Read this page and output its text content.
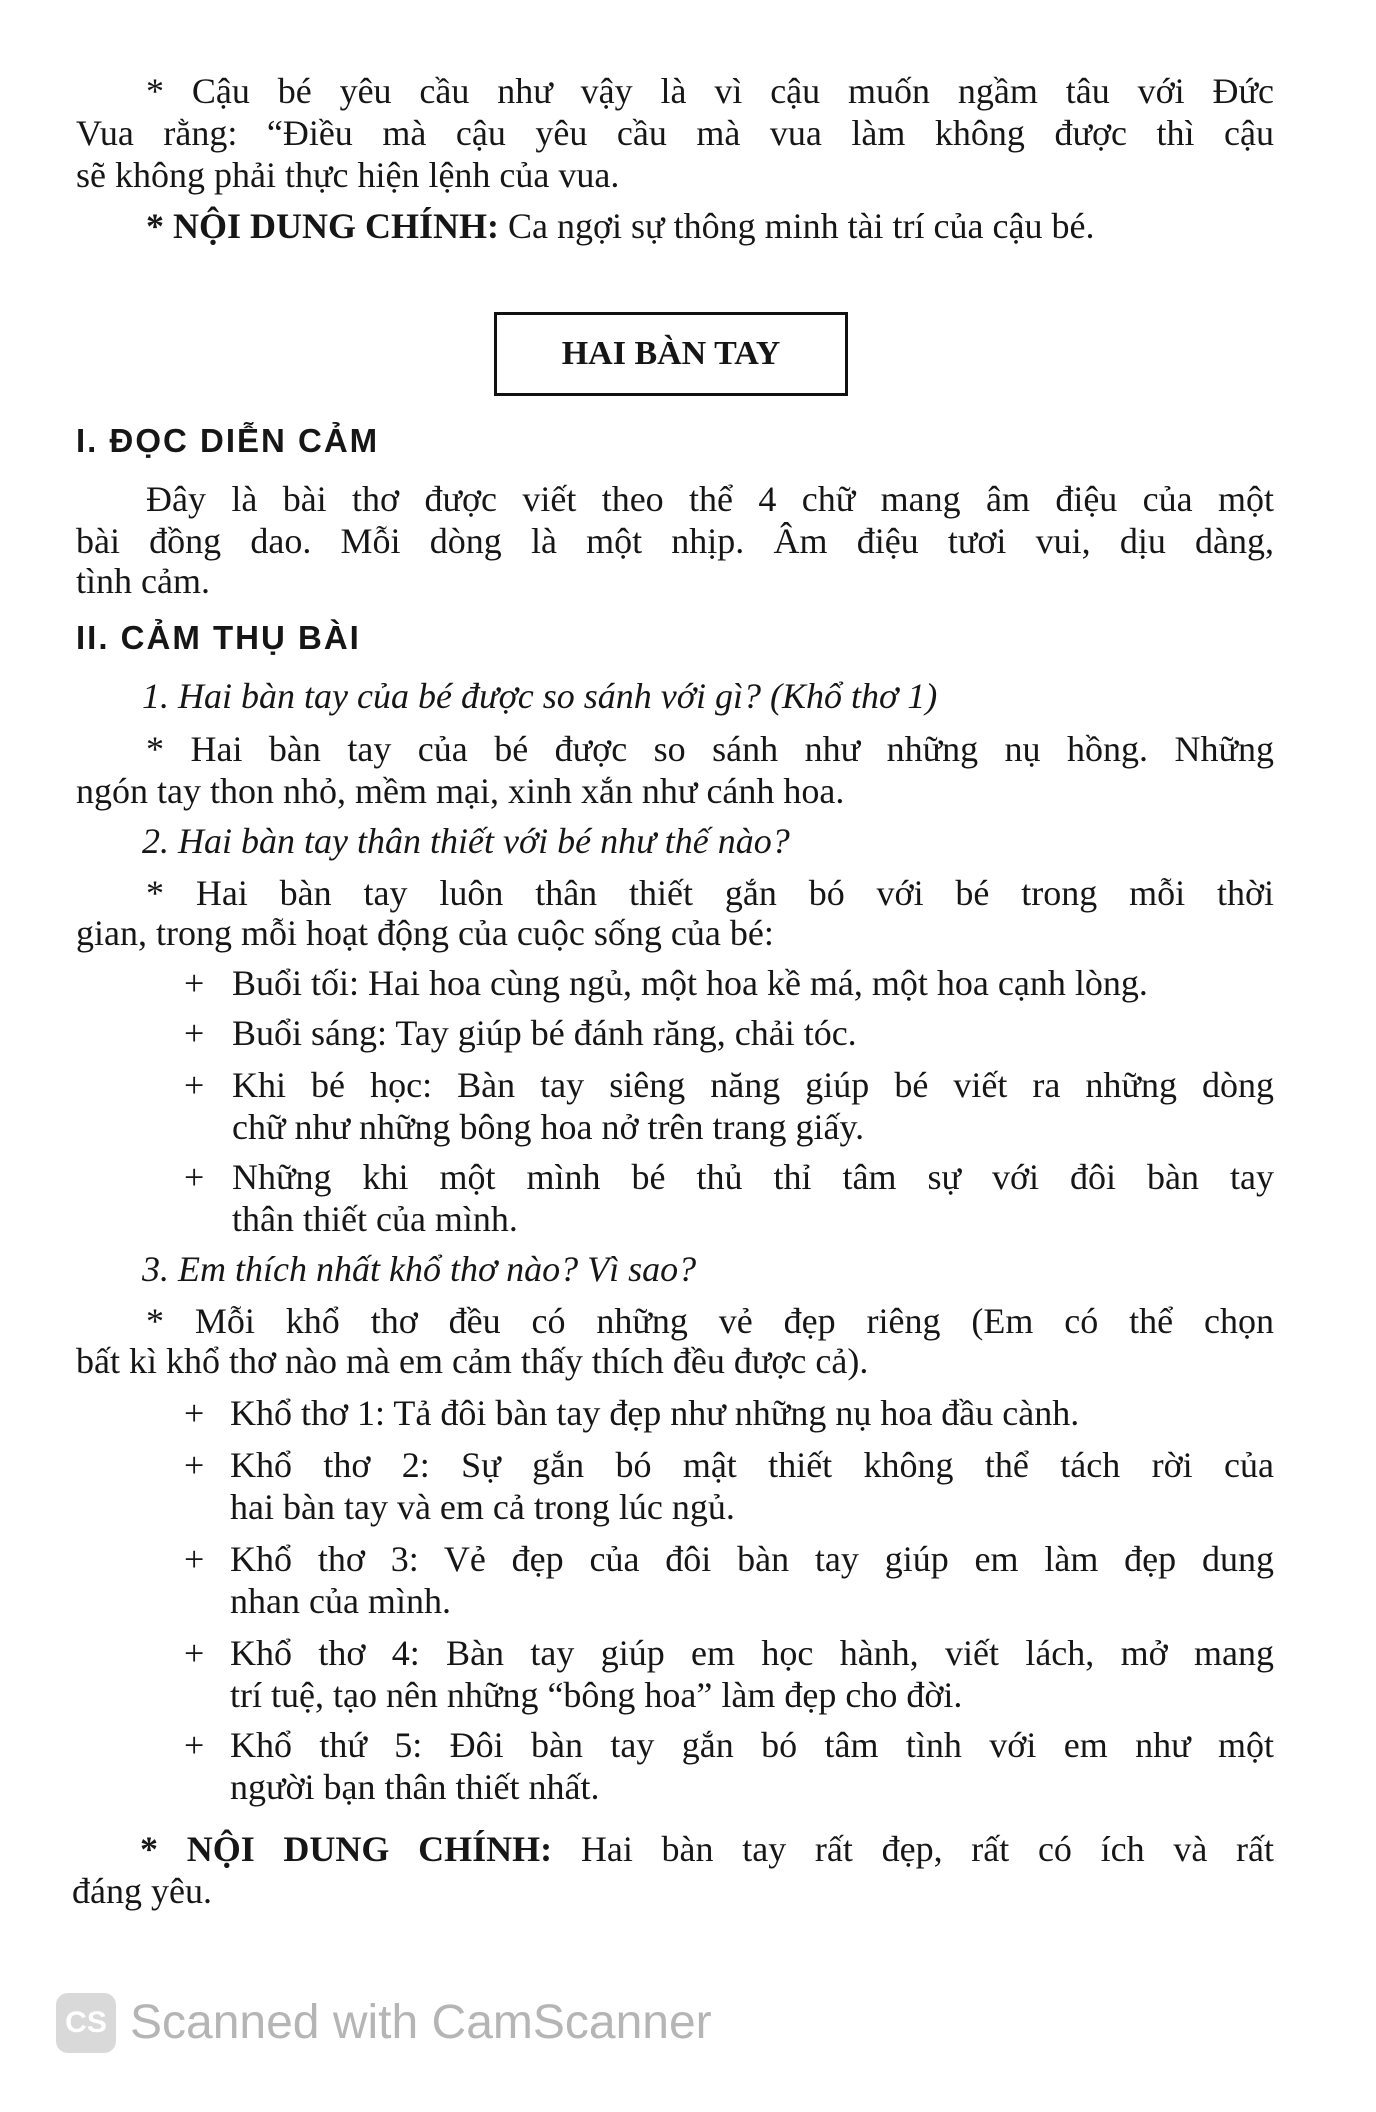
* Cậu bé yêu cầu như vậy là vì cậu muốn ngầm tâu với Đức

Vua rằng: “Điều mà cậu yêu cầu mà vua làm không được thì cậu

sẽ không phải thực hiện lệnh của vua.

* NỘI DUNG CHÍNH: Ca ngợi sự thông minh tài trí của cậu bé.

HAI BÀN TAY

I. ĐỌC DIỄN CẢM

Đây là bài thơ được viết theo thể 4 chữ mang âm điệu của một

bài đồng dao. Mỗi dòng là một nhịp. Âm điệu tươi vui, dịu dàng,

tình cảm.

II. CẢM THỤ BÀI

1. Hai bàn tay của bé được so sánh với gì? (Khổ thơ 1)

* Hai bàn tay của bé được so sánh như những nụ hồng. Những

ngón tay thon nhỏ, mềm mại, xinh xắn như cánh hoa.

2. Hai bàn tay thân thiết với bé như thế nào?

* Hai bàn tay luôn thân thiết gắn bó với bé trong mỗi thời

gian, trong mỗi hoạt động của cuộc sống của bé:

+ Buổi tối: Hai hoa cùng ngủ, một hoa kề má, một hoa cạnh lòng.

+ Buổi sáng: Tay giúp bé đánh răng, chải tóc.

+ Khi bé học: Bàn tay siêng năng giúp bé viết ra những dòng

chữ như những bông hoa nở trên trang giấy.

+ Những khi một mình bé thủ thỉ tâm sự với đôi bàn tay

thân thiết của mình.

3. Em thích nhất khổ thơ nào? Vì sao?

* Mỗi khổ thơ đều có những vẻ đẹp riêng (Em có thể chọn

bất kì khổ thơ nào mà em cảm thấy thích đều được cả).

+ Khổ thơ 1: Tả đôi bàn tay đẹp như những nụ hoa đầu cành.

+ Khổ thơ 2: Sự gắn bó mật thiết không thể tách rời của

hai bàn tay và em cả trong lúc ngủ.

+ Khổ thơ 3: Vẻ đẹp của đôi bàn tay giúp em làm đẹp dung

nhan của mình.

+ Khổ thơ 4: Bàn tay giúp em học hành, viết lách, mở mang

trí tuệ, tạo nên những “bông hoa” làm đẹp cho đời.

+ Khổ thứ 5: Đôi bàn tay gắn bó tâm tình với em như một

người bạn thân thiết nhất.

* NỘI DUNG CHÍNH: Hai bàn tay rất đẹp, rất có ích và rất

đáng yêu.

CS Scanned with CamScanner
